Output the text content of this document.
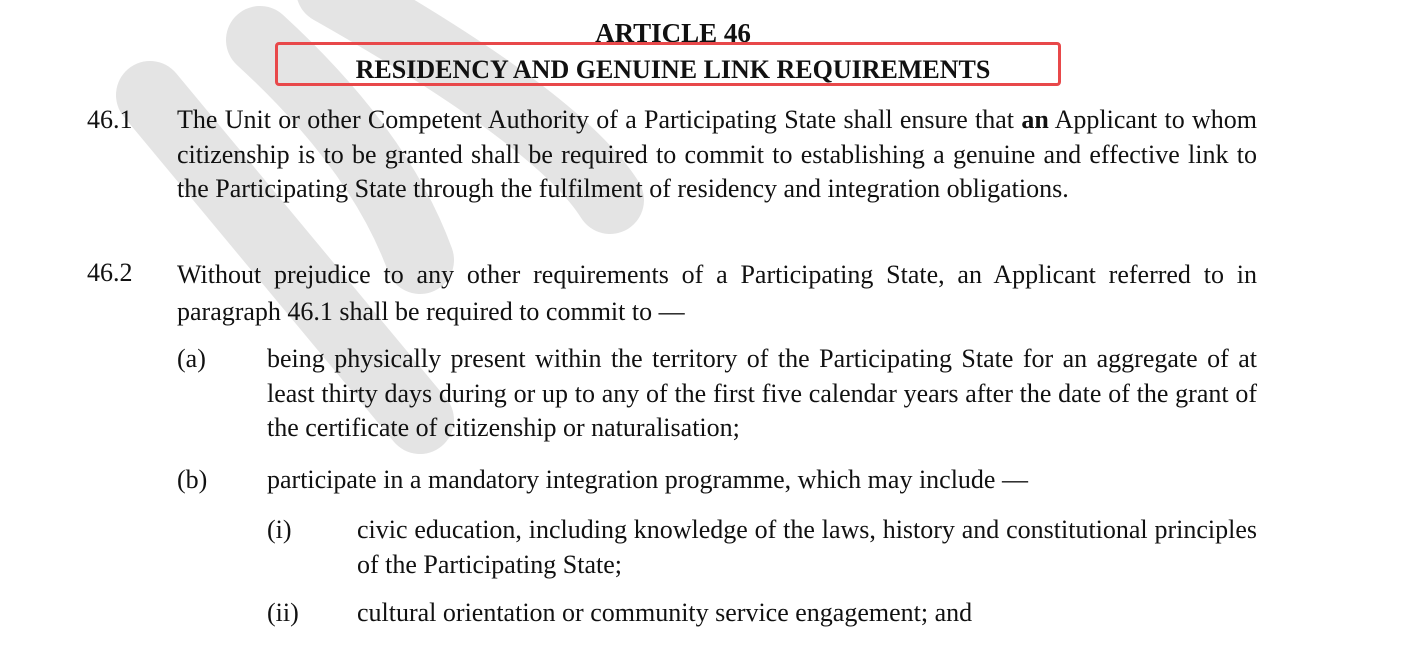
ARTICLE 46
RESIDENCY AND GENUINE LINK REQUIREMENTS
46.1 The Unit or other Competent Authority of a Participating State shall ensure that an Applicant to whom citizenship is to be granted shall be required to commit to establishing a genuine and effective link to the Participating State through the fulfilment of residency and integration obligations.
46.2 Without prejudice to any other requirements of a Participating State, an Applicant referred to in paragraph 46.1 shall be required to commit to —
(a) being physically present within the territory of the Participating State for an aggregate of at least thirty days during or up to any of the first five calendar years after the date of the grant of the certificate of citizenship or naturalisation;
(b) participate in a mandatory integration programme, which may include —
(i)	civic education, including knowledge of the laws, history and constitutional principles of the Participating State;
(ii) cultural orientation or community service engagement; and
